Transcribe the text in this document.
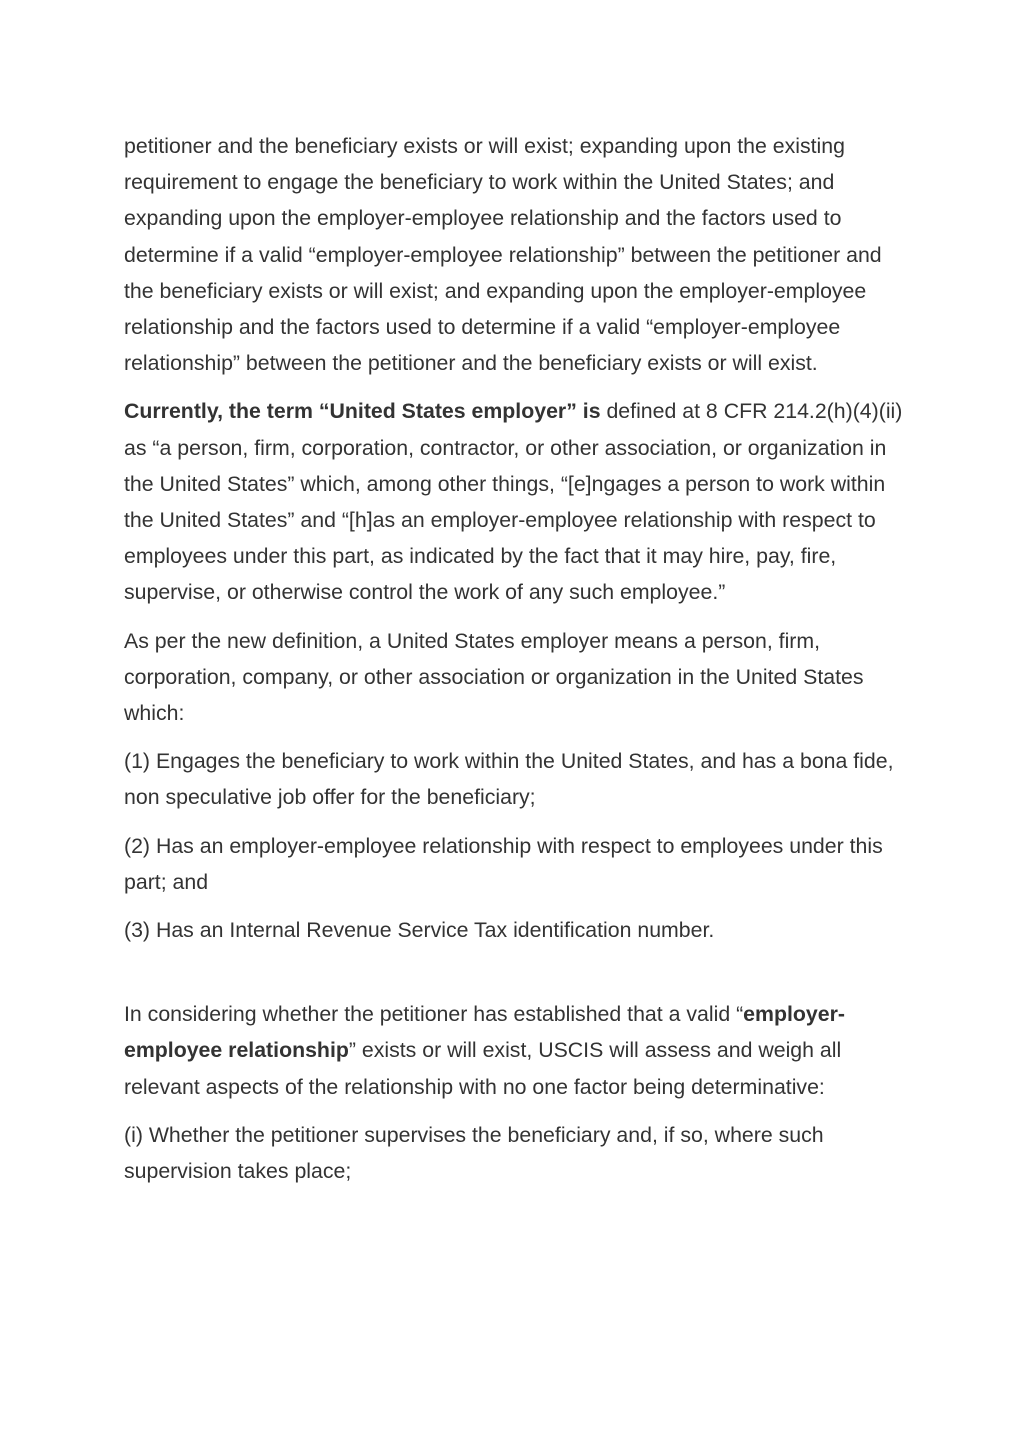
petitioner and the beneficiary exists or will exist; expanding upon the existing requirement to engage the beneficiary to work within the United States; and expanding upon the employer-employee relationship and the factors used to determine if a valid “employer-employee relationship” between the petitioner and the beneficiary exists or will exist; and expanding upon the employer-employee relationship and the factors used to determine if a valid “employer-employee relationship” between the petitioner and the beneficiary exists or will exist.

Currently, the term “United States employer” is defined at 8 CFR 214.2(h)(4)(ii) as “a person, firm, corporation, contractor, or other association, or organization in the United States” which, among other things, “[e]ngages a person to work within the United States” and “[h]as an employer-employee relationship with respect to employees under this part, as indicated by the fact that it may hire, pay, fire, supervise, or otherwise control the work of any such employee.”

As per the new definition, a United States employer means a person, firm, corporation, company, or other association or organization in the United States which:

(1) Engages the beneficiary to work within the United States, and has a bona fide, non speculative job offer for the beneficiary;

(2) Has an employer-employee relationship with respect to employees under this part; and

(3) Has an Internal Revenue Service Tax identification number.

In considering whether the petitioner has established that a valid “employer-employee relationship” exists or will exist, USCIS will assess and weigh all relevant aspects of the relationship with no one factor being determinative:

(i) Whether the petitioner supervises the beneficiary and, if so, where such supervision takes place;
